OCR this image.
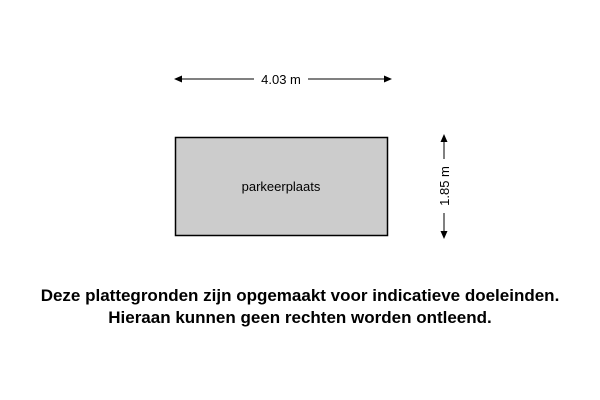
4.03 m
parkeerplaats	1.85 m
Deze plattegronden zijn opgemaakt voor indicatieve doeleinden.
Hieraan kunnen geen rechten worden ontleend.
